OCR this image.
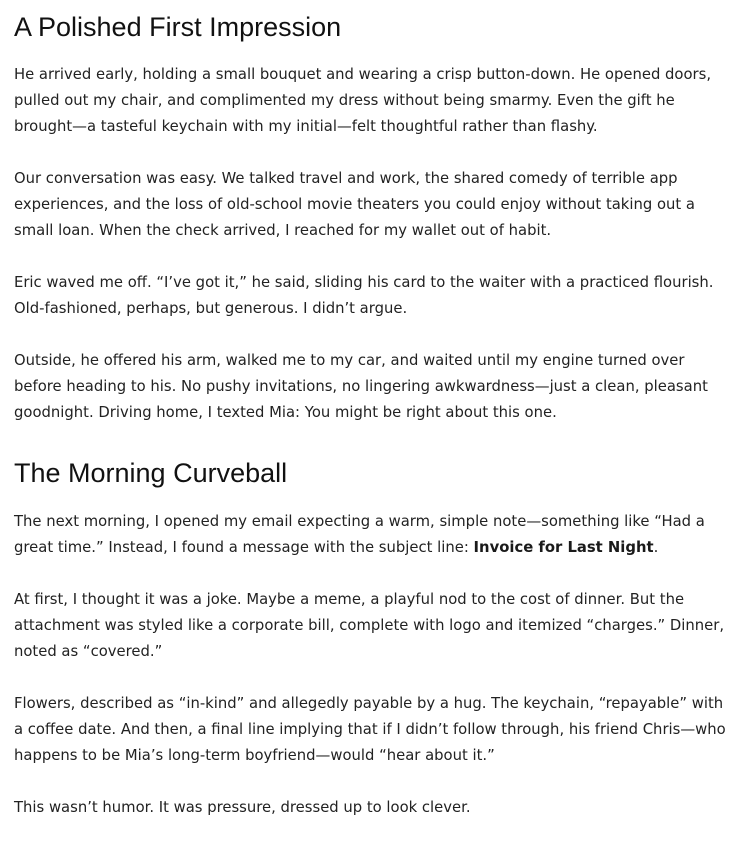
A Polished First Impression

He arrived early, holding a small bouquet and wearing a crisp button-down. He opened doors, pulled out my chair, and complimented my dress without being smarmy. Even the gift he brought—a tasteful keychain with my initial—felt thoughtful rather than flashy.

Our conversation was easy. We talked travel and work, the shared comedy of terrible app experiences, and the loss of old-school movie theaters you could enjoy without taking out a small loan. When the check arrived, I reached for my wallet out of habit.

Eric waved me off. “I’ve got it,” he said, sliding his card to the waiter with a practiced flourish. Old-fashioned, perhaps, but generous. I didn’t argue.

Outside, he offered his arm, walked me to my car, and waited until my engine turned over before heading to his. No pushy invitations, no lingering awkwardness—just a clean, pleasant goodnight. Driving home, I texted Mia: You might be right about this one.

The Morning Curveball

The next morning, I opened my email expecting a warm, simple note—something like “Had a great time.” Instead, I found a message with the subject line: Invoice for Last Night.

At first, I thought it was a joke. Maybe a meme, a playful nod to the cost of dinner. But the attachment was styled like a corporate bill, complete with logo and itemized “charges.” Dinner, noted as “covered.”

Flowers, described as “in-kind” and allegedly payable by a hug. The keychain, “repayable” with a coffee date. And then, a final line implying that if I didn’t follow through, his friend Chris—who happens to be Mia’s long-term boyfriend—would “hear about it.”

This wasn’t humor. It was pressure, dressed up to look clever.
